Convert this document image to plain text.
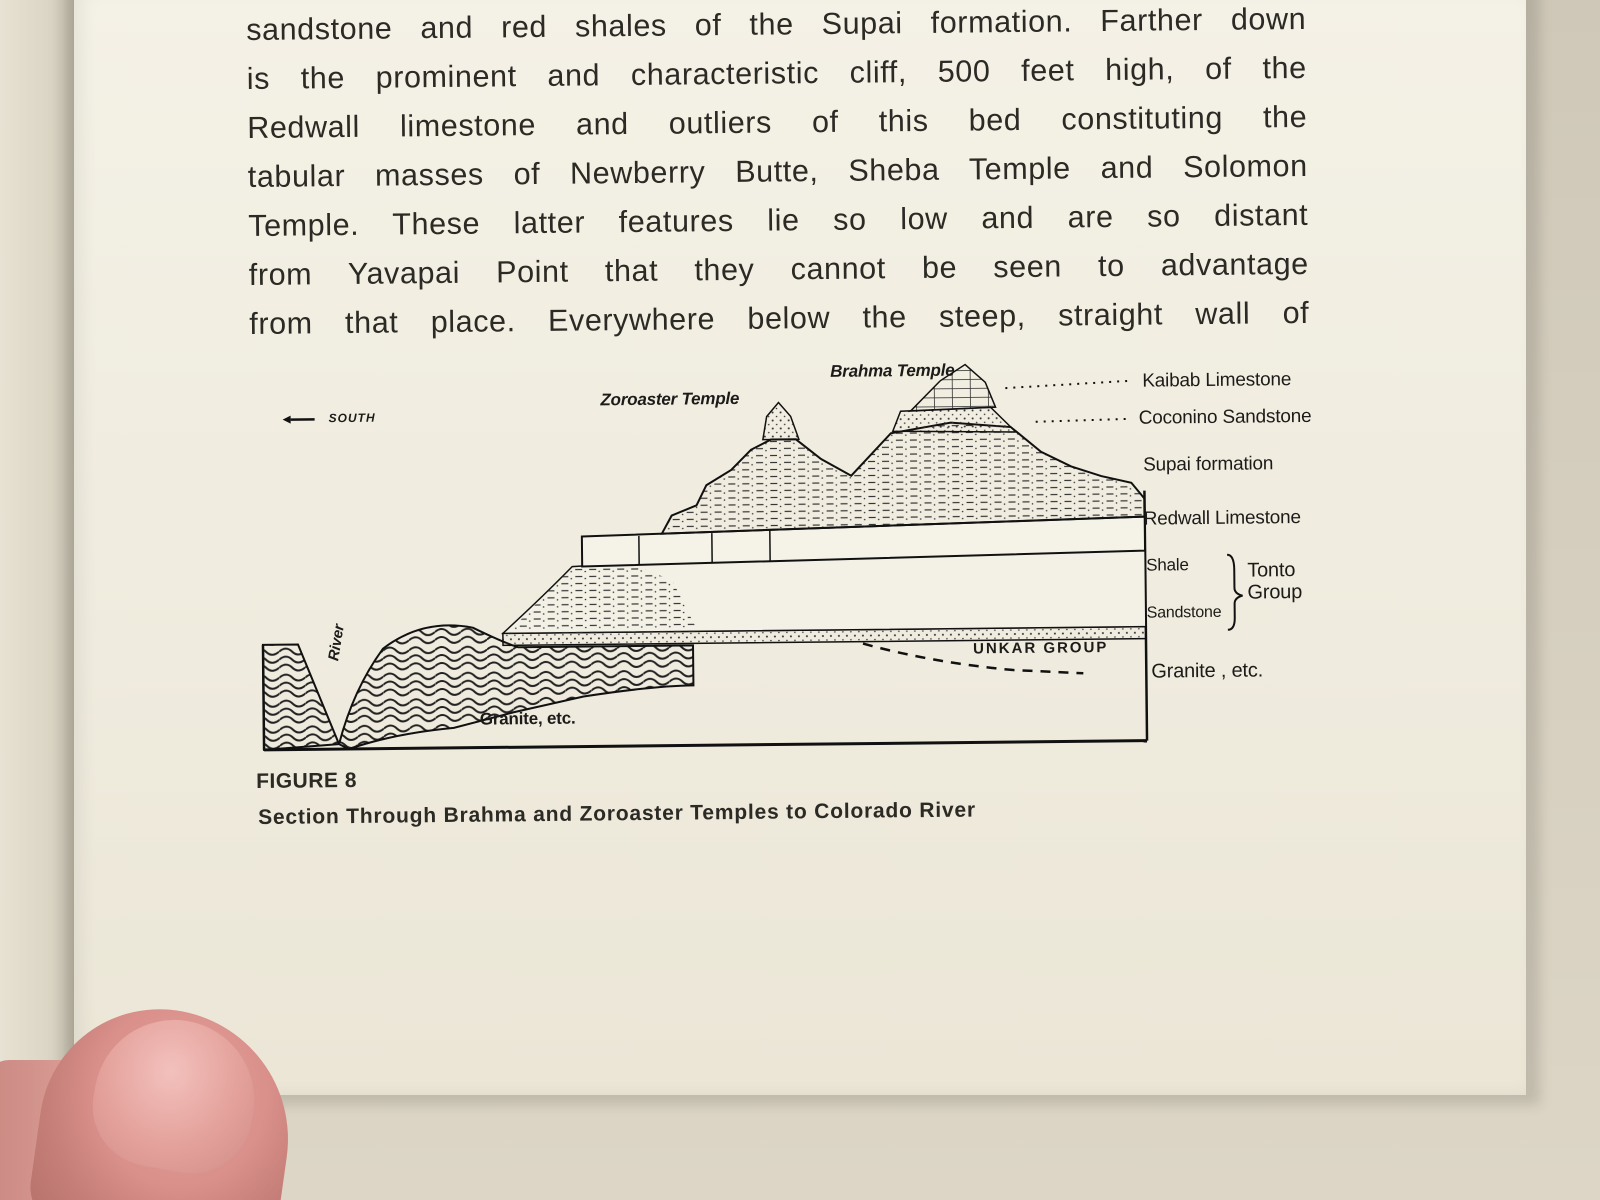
sandstone and red shales of the Supai formation. Farther down
is the prominent and characteristic cliff, 500 feet high, of the
Redwall limestone and outliers of this bed constituting the
tabular masses of Newberry Butte, Sheba Temple and Solomon
Temple. These latter features lie so low and are so distant
from Yavapai Point that they cannot be seen to advantage
from that place. Everywhere below the steep, straight wall of
SOUTH
Zoroaster Temple
Brahma Temple
River
Granite, etc.
UNKAR GROUP
Kaibab Limestone
Coconino Sandstone
Supai formation
Redwall Limestone
Shale
Sandstone
Tonto
Group
Granite , etc.
FIGURE 8
Section Through Brahma and Zoroaster Temples to Colorado River
